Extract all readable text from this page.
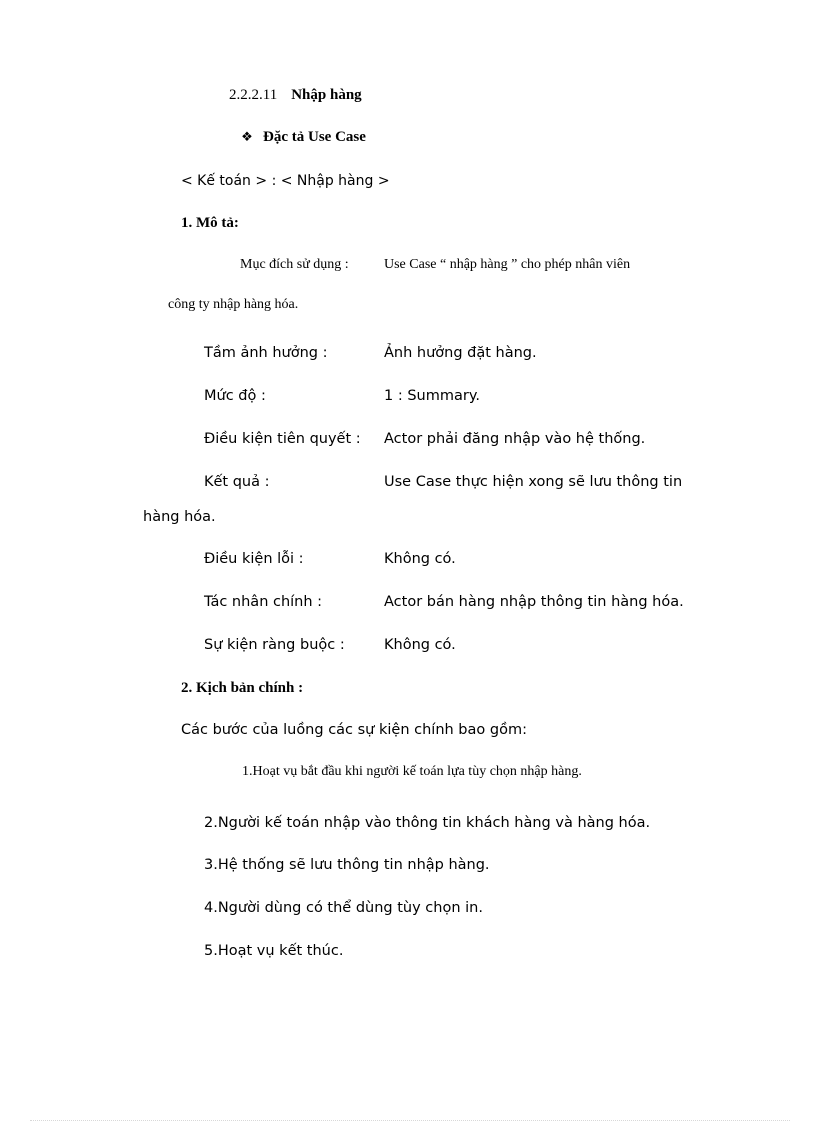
2.2.2.11 Nhập hàng
❖ Đặc tả Use Case
< Kế toán > : < Nhập hàng >
1. Mô tả:
Mục đích sử dụng :	Use Case “ nhập hàng ” cho phép nhân viên
công ty nhập hàng hóa.
Tầm ảnh hưởng :	Ảnh hưởng đặt hàng.
Mức độ :	1 : Summary.
Điều kiện tiên quyết : Actor phải đăng nhập vào hệ thống.
Kết quả :	Use Case thực hiện xong sẽ lưu thông tin
hàng hóa.
Điều kiện lỗi :	Không có.
Tác nhân chính :	Actor bán hàng nhập thông tin hàng hóa.
Sự kiện ràng buộc :	Không có.
2. Kịch bản chính :
Các bước của luồng các sự kiện chính bao gồm:
1.Hoạt vụ bắt đầu khi người kế toán lựa tùy chọn nhập hàng.
2.Người kế toán nhập vào thông tin khách hàng và hàng hóa.
3.Hệ thống sẽ lưu thông tin nhập hàng.
4.Người dùng có thể dùng tùy chọn in.
5.Hoạt vụ kết thúc.
